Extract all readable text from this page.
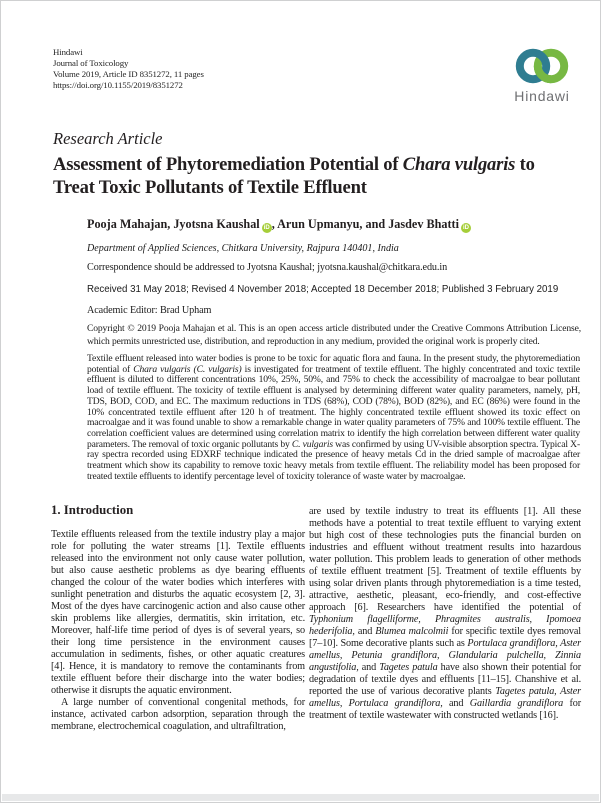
Hindawi
Journal of Toxicology
Volume 2019, Article ID 8351272, 11 pages
https://doi.org/10.1155/2019/8351272
Hindawi
Research Article
Assessment of Phytoremediation Potential of Chara vulgaris to
Treat Toxic Pollutants of Textile Effluent
Pooja Mahajan, Jyotsna Kaushal iD , Arun Upmanyu, and Jasdev Bhatti iD
Department of Applied Sciences, Chitkara University, Rajpura 140401, India
Correspondence should be addressed to Jyotsna Kaushal; jyotsna.kaushal@chitkara.edu.in
Received 31 May 2018; Revised 4 November 2018; Accepted 18 December 2018; Published 3 February 2019
Academic Editor: Brad Upham
Copyright © 2019 Pooja Mahajan et al. This is an open access article distributed under the Creative Commons Attribution License, which permits unrestricted use, distribution, and reproduction in any medium, provided the original work is properly cited.
Textile effluent released into water bodies is prone to be toxic for aquatic flora and fauna. In the present study, the phytoremediation potential of Chara vulgaris (C. vulgaris) is investigated for treatment of textile effluent. The highly concentrated and toxic textile effluent is diluted to different concentrations 10%, 25%, 50%, and 75% to check the accessibility of macroalgae to bear pollutant load of textile effluent. The toxicity of textile effluent is analysed by determining different water quality parameters, namely, pH, TDS, BOD, COD, and EC. The maximum reductions in TDS (68%), COD (78%), BOD (82%), and EC (86%) were found in the 10% concentrated textile effluent after 120 h of treatment. The highly concentrated textile effluent showed its toxic effect on macroalgae and it was found unable to show a remarkable change in water quality parameters of 75% and 100% textile effluent. The correlation coefficient values are determined using correlation matrix to identify the high correlation between different water quality parameters. The removal of toxic organic pollutants by C. vulgaris was confirmed by using UV-visible absorption spectra. Typical X-ray spectra recorded using EDXRF technique indicated the presence of heavy metals Cd in the dried sample of macroalgae after treatment which show its capability to remove toxic heavy metals from textile effluent. The reliability model has been proposed for treated textile effluents to identify percentage level of toxicity tolerance of waste water by macroalgae.
1. Introduction

Textile effluents released from the textile industry play a major role for polluting the water streams [1]. Textile effluents released into the environment not only cause water pollution, but also cause aesthetic problems as dye bearing effluents changed the colour of the water bodies which interferes with sunlight penetration and disturbs the aquatic ecosystem [2, 3]. Most of the dyes have carcinogenic action and also cause other skin problems like allergies, dermatitis, skin irritation, etc. Moreover, half-life time period of dyes is of several years, so their long time persistence in the environment causes accumulation in sediments, fishes, or other aquatic creatures [4]. Hence, it is mandatory to remove the contaminants from textile effluent before their discharge into the water bodies; otherwise it disrupts the aquatic environment.

A large number of conventional congenital methods, for instance, activated carbon adsorption, separation through the membrane, electrochemical coagulation, and ultrafiltration,

are used by textile industry to treat its effluents [1]. All these methods have a potential to treat textile effluent to varying extent but high cost of these technologies puts the financial burden on industries and effluent without treatment results into hazardous water pollution. This problem leads to generation of other methods of textile effluent treatment [5]. Treatment of textile effluents by using solar driven plants through phytoremediation is a time tested, attractive, aesthetic, pleasant, eco-friendly, and cost-effective approach [6]. Researchers have identified the potential of Typhonium flagelliforme, Phragmites australis, Ipomoea hederifolia, and Blumea malcolmii for specific textile dyes removal [7–10]. Some decorative plants such as Portulaca grandiflora, Aster amellus, Petunia grandiflora, Glandularia pulchella, Zinnia angustifolia, and Tagetes patula have also shown their potential for degradation of textile dyes and effluents [11–15]. Chanshive et al. reported the use of various decorative plants Tagetes patula, Aster amellus, Portulaca grandiflora, and Gaillardia grandiflora for treatment of textile wastewater with constructed wetlands [16].
